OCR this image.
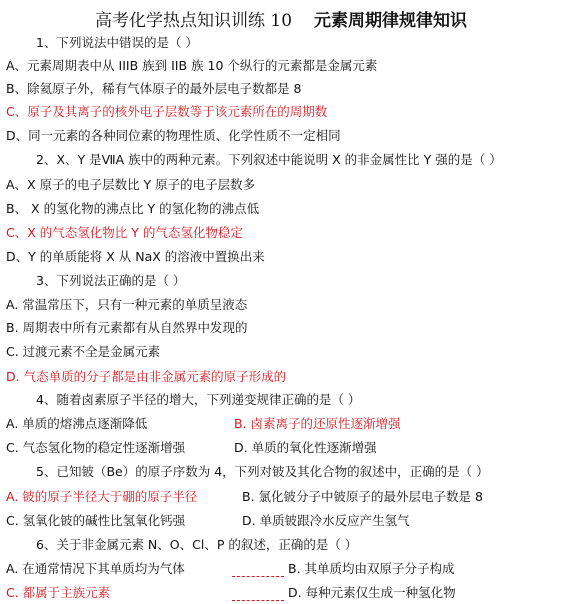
高考化学热点知识训练 10 元素周期律规律知识
1、下列说法中错误的是（ ）
A、元素周期表中从 IIIB 族到 IIB 族 10 个纵行的元素都是金属元素
B、除氦原子外，稀有气体原子的最外层电子数都是 8
C、原子及其离子的核外电子层数等于该元素所在的周期数
D、同一元素的各种同位素的物理性质、化学性质不一定相同
2、X、Y 是ⅦA 族中的两种元素。下列叙述中能说明 X 的非金属性比 Y 强的是（ ）
A、X 原子的电子层数比 Y 原子的电子层数多
B、 X 的氢化物的沸点比 Y 的氢化物的沸点低
C、X 的气态氢化物比 Y 的气态氢化物稳定
D、Y 的单质能将 X 从 NaX 的溶液中置换出来
3、下列说法正确的是（ ）
A. 常温常压下，只有一种元素的单质呈液态
B. 周期表中所有元素都有从自然界中发现的
C. 过渡元素不全是金属元素
D. 气态单质的分子都是由非金属元素的原子形成的
4、随着卤素原子半径的增大，下列递变规律正确的是（ ）
A. 单质的熔沸点逐渐降低	B. 卤素离子的还原性逐渐增强
C. 气态氢化物的稳定性逐渐增强	D. 单质的氧化性逐渐增强
5、已知铍（Be）的原子序数为 4，下列对铍及其化合物的叙述中，正确的是（ ）
A. 铍的原子半径大于硼的原子半径	B. 氯化铍分子中铍原子的最外层电子数是 8
C. 氢氧化铍的碱性比氢氧化钙强	D. 单质铍跟冷水反应产生氢气
6、关于非金属元素 N、O、Cl、P 的叙述，正确的是（ ）
A. 在通常情况下其单质均为气体	B. 其单质均由双原子分子构成
C. 都属于主族元素	D. 每种元素仅生成一种氢化物
